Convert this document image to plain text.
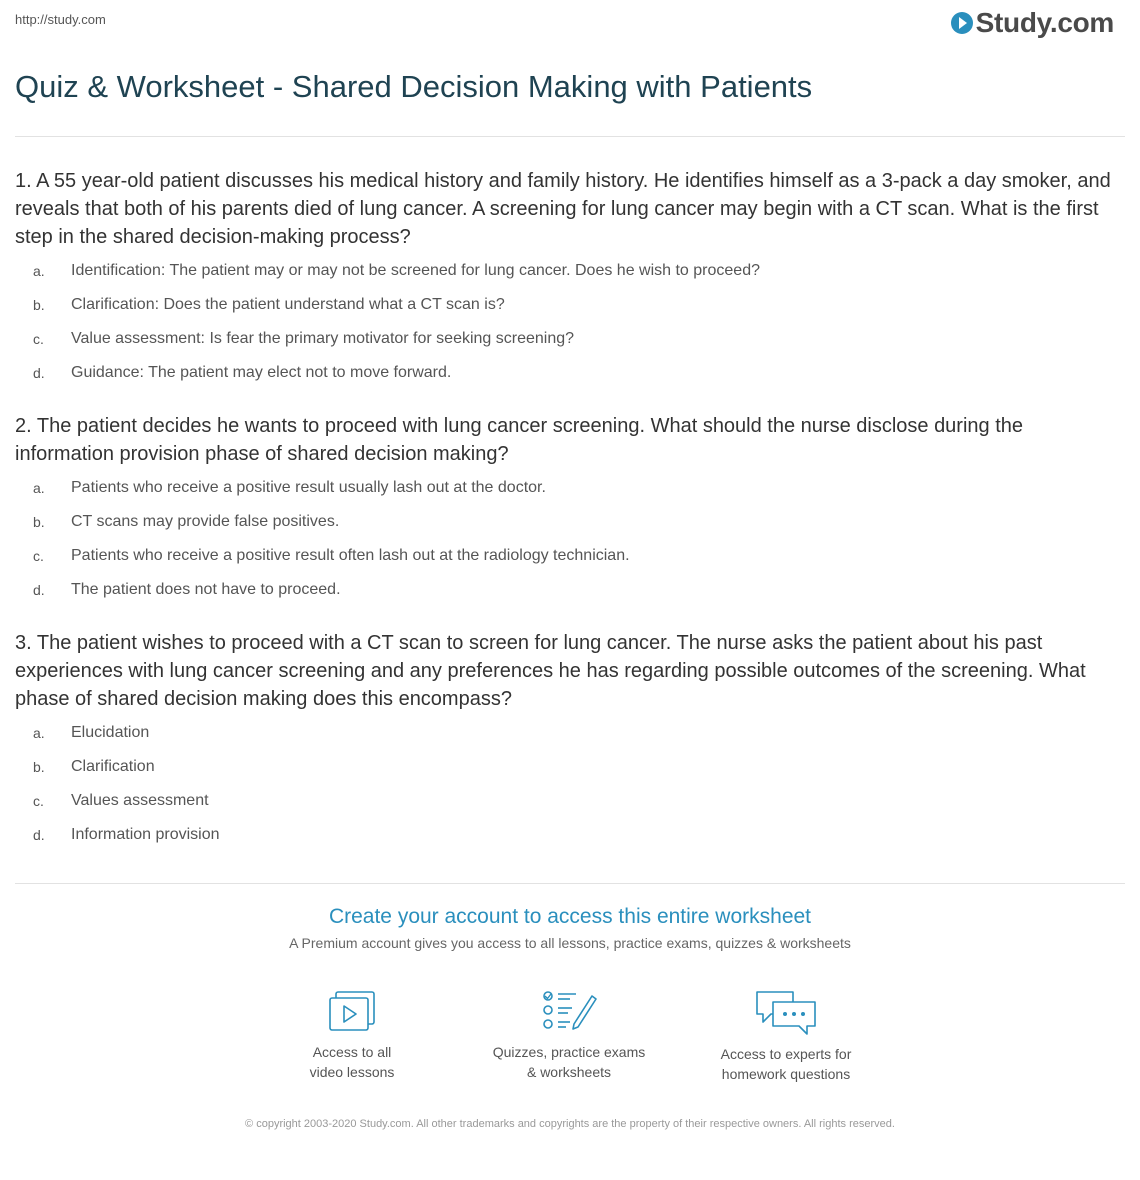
http://study.com	Study.com
Quiz & Worksheet - Shared Decision Making with Patients

1. A 55 year-old patient discusses his medical history and family history. He identifies himself as a 3-pack a day smoker, and reveals that both of his parents died of lung cancer. A screening for lung cancer may begin with a CT scan. What is the first step in the shared decision-making process?

a.	Identification: The patient may or may not be screened for lung cancer. Does he wish to proceed?
b.	Clarification: Does the patient understand what a CT scan is?
c.	Value assessment: Is fear the primary motivator for seeking screening?
d.	Guidance: The patient may elect not to move forward.

2. The patient decides he wants to proceed with lung cancer screening. What should the nurse disclose during the information provision phase of shared decision making?

a.	Patients who receive a positive result usually lash out at the doctor.
b.	CT scans may provide false positives.
c.	Patients who receive a positive result often lash out at the radiology technician.
d.	The patient does not have to proceed.

3. The patient wishes to proceed with a CT scan to screen for lung cancer. The nurse asks the patient about his past experiences with lung cancer screening and any preferences he has regarding possible outcomes of the screening. What phase of shared decision making does this encompass?

a.	Elucidation
b.	Clarification
c.	Values assessment
d.	Information provision
Create your account to access this entire worksheet
A Premium account gives you access to all lessons, practice exams, quizzes & worksheets
Access to all
video lessons
Quizzes, practice exams
& worksheets
Access to experts for
homework questions
© copyright 2003-2020 Study.com. All other trademarks and copyrights are the property of their respective owners. All rights reserved.
